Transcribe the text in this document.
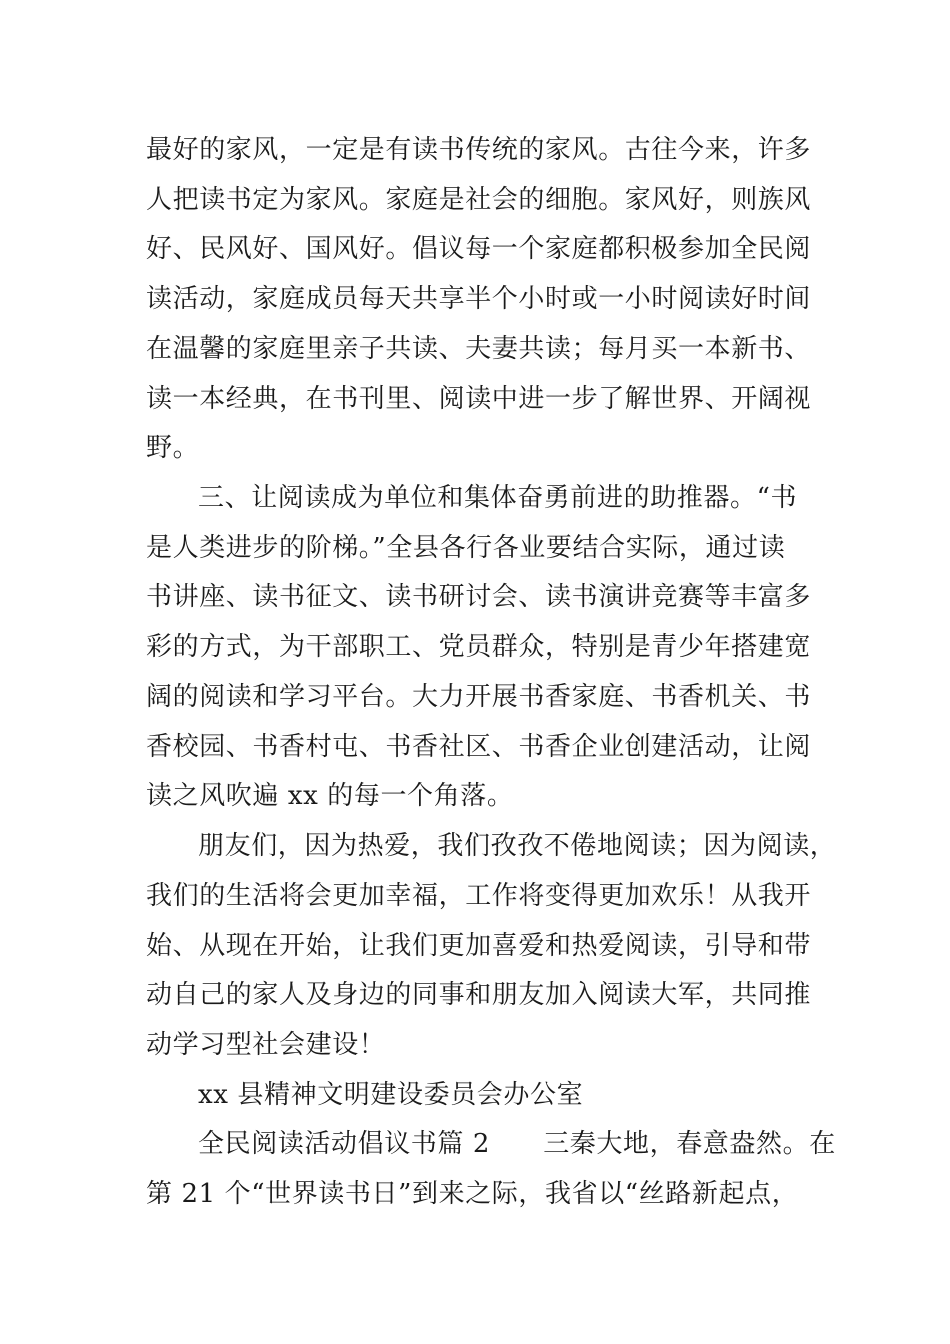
最好的家风，一定是有读书传统的家风。古往今来，许多
人把读书定为家风。家庭是社会的细胞。家风好，则族风
好、民风好、国风好。倡议每一个家庭都积极参加全民阅
读活动，家庭成员每天共享半个小时或一小时阅读好时间
在温馨的家庭里亲子共读、夫妻共读；每月买一本新书、
读一本经典，在书刊里、阅读中进一步了解世界、开阔视
野。
三、让阅读成为单位和集体奋勇前进的助推器。“书
是人类进步的阶梯。”全县各行各业要结合实际，通过读
书讲座、读书征文、读书研讨会、读书演讲竞赛等丰富多
彩的方式，为干部职工、党员群众，特别是青少年搭建宽
阔的阅读和学习平台。大力开展书香家庭、书香机关、书
香校园、书香村屯、书香社区、书香企业创建活动，让阅
读之风吹遍 xx 的每一个角落。
朋友们，因为热爱，我们孜孜不倦地阅读；因为阅读，
我们的生活将会更加幸福，工作将变得更加欢乐！从我开
始、从现在开始，让我们更加喜爱和热爱阅读，引导和带
动自己的家人及身边的同事和朋友加入阅读大军，共同推
动学习型社会建设！
xx 县精神文明建设委员会办公室
全民阅读活动倡议书篇 2　　三秦大地，春意盎然。在
第 21 个“世界读书日”到来之际，我省以“丝路新起点，
